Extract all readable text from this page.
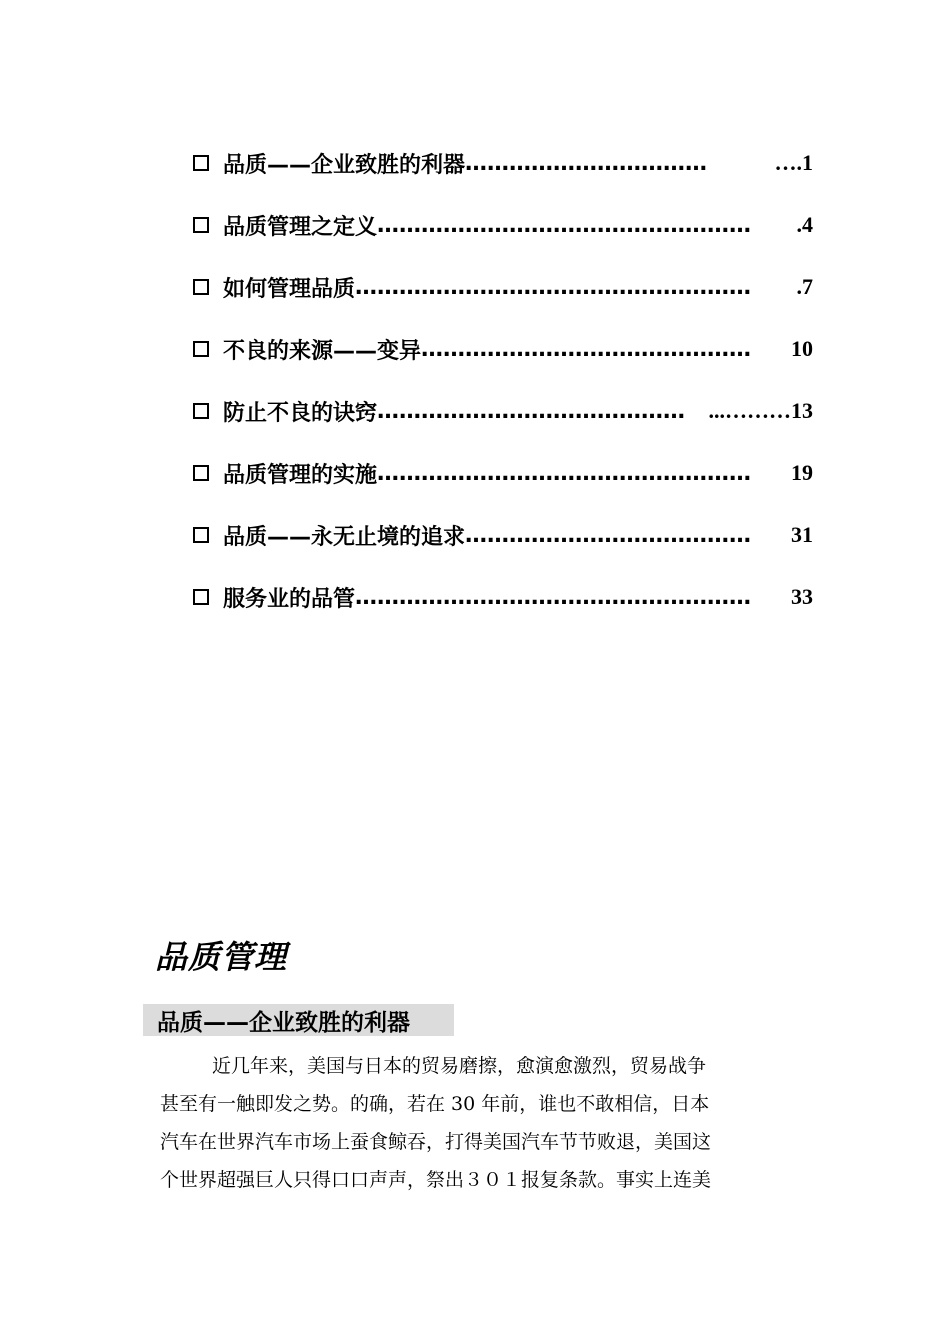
品质——企业致胜的利器 ……………………………	….1
品质管理之定义 ……………………………………………	.4
如何管理品质 ………………………………………………	.7
不良的来源——变异 ………………………………………	10
防止不良的诀窍 ……………………………………	...………13
品质管理的实施 ……………………………………………	19
品质——永无止境的追求 …………………………………	31
服务业的品管 ………………………………………………	33
品质管理
品质——企业致胜的利器

近几年来，美国与日本的贸易磨擦，愈演愈激烈，贸易战争

甚至有一触即发之势。的确，若在 30 年前，谁也不敢相信，日本

汽车在世界汽车市场上蚕食鲸吞，打得美国汽车节节败退，美国这

个世界超强巨人只得口口声声，祭出３０１报复条款。事实上连美
